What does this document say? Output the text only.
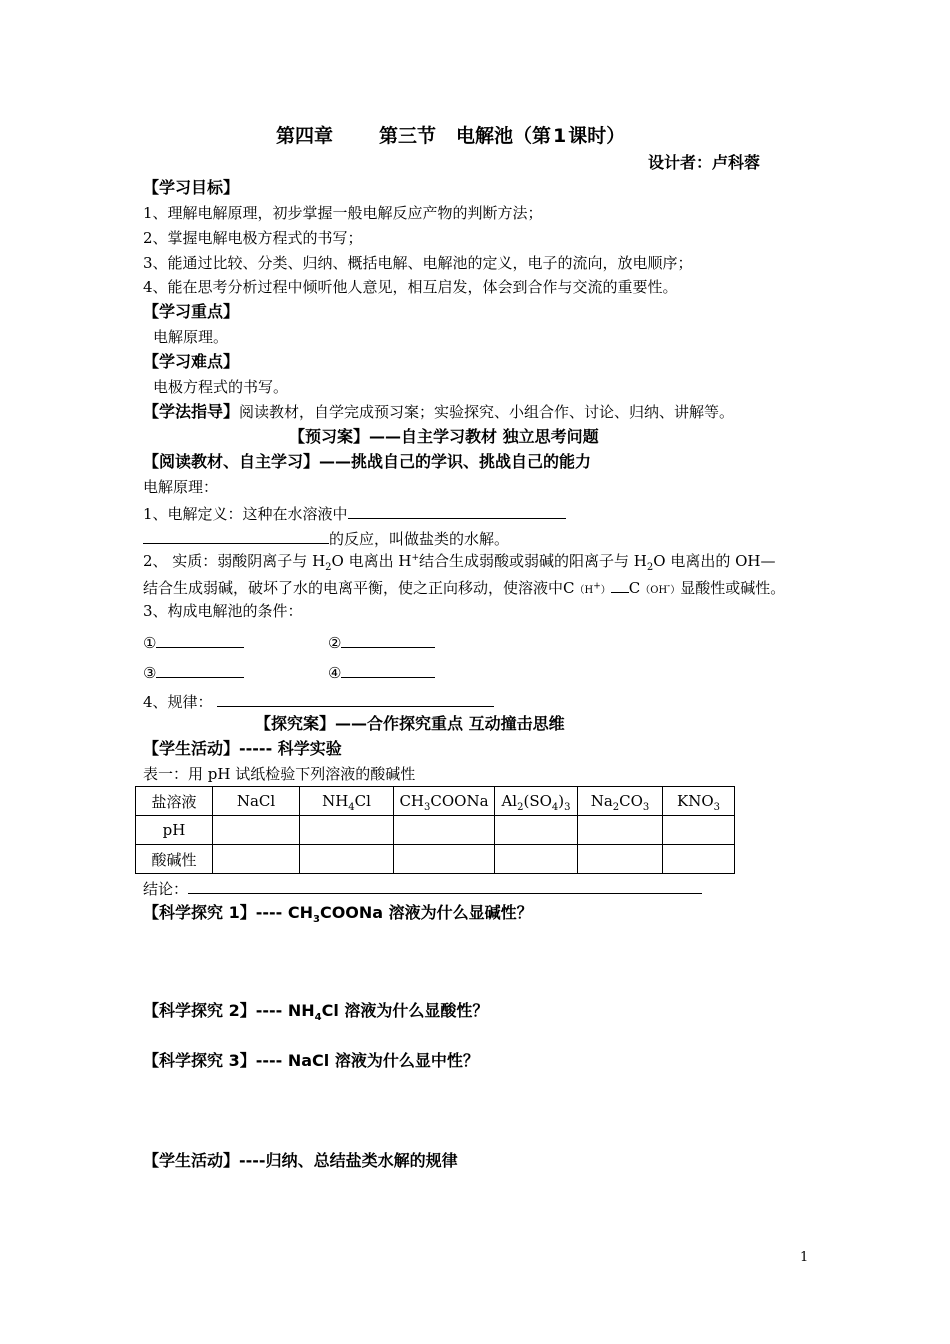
第四章 第三节 电解池（第 1 课时）
设计者：卢科蓉
【学习目标】
1、理解电解原理，初步掌握一般电解反应产物的判断方法；
2、掌握电解电极方程式的书写；
3、能通过比较、分类、归纳、概括电解、电解池的定义，电子的流向，放电顺序；
4、能在思考分析过程中倾听他人意见，相互启发，体会到合作与交流的重要性。
【学习重点】
电解原理。
【学习难点】
电极方程式的书写。
【学法指导】阅读教材，自学完成预习案；实验探究、小组合作、讨论、归纳、讲解等。
【预习案】——自主学习教材 独立思考问题
【阅读教材、自主学习】——挑战自己的学识、挑战自己的能力
电解原理：
1、电解定义：这种在水溶液中
的反应，叫做盐类的水解。
2、 实质：弱酸阴离子与 $H_2O$ 电离出 H+结合生成弱酸或弱碱的阳离子与 $H_2O$ 电离出的 OH—
结合生成弱碱，破坏了水的电离平衡，使之正向移动，使溶液中C（H+） C（OH-）显酸性或碱性。
3、构成电解池的条件：
①	②
③	④
4、规律：
【探究案】——合作探究重点 互动撞击思维
【学生活动】----- 科学实验
表一：用 pH 试纸检验下列溶液的酸碱性
盐溶液	NaCl	$NH_4Cl$	$CH_3COONa$	$Al_2(SO_4)_3$	$Na_2CO_3$	$KNO_3$
pH						
酸碱性						
结论：
【科学探究 1】---- $CH_3COONa$ 溶液为什么显碱性？
【科学探究 2】---- $NH_4Cl$ 溶液为什么显酸性？
【科学探究 3】---- NaCl 溶液为什么显中性？
【学生活动】----归纳、总结盐类水解的规律
1
